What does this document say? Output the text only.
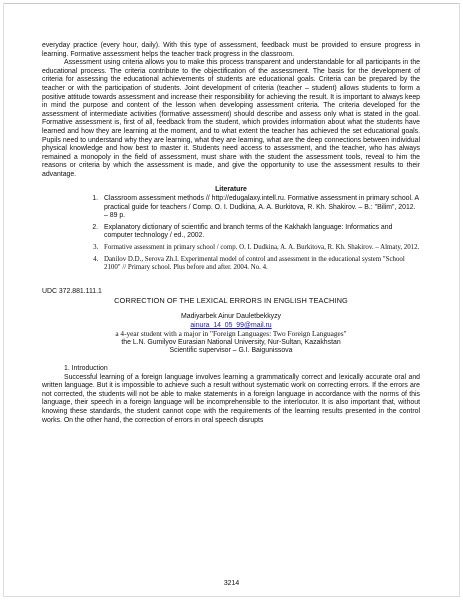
everyday practice (every hour, daily). With this type of assessment, feedback must be provided to ensure progress in learning. Formative assessment helps the teacher track progress in the classroom.

Assessment using criteria allows you to make this process transparent and understandable for all participants in the educational process. The criteria contribute to the objectification of the assessment. The basis for the development of criteria for assessing the educational achievements of students are educational goals. Criteria can be prepared by the teacher or with the participation of students. Joint development of criteria (teacher – student) allows students to form a positive attitude towards assessment and increase their responsibility for achieving the result. It is important to always keep in mind the purpose and content of the lesson when developing assessment criteria. The criteria developed for the assessment of intermediate activities (formative assessment) should describe and assess only what is stated in the goal. Formative assessment is, first of all, feedback from the student, which provides information about what the students have learned and how they are learning at the moment, and to what extent the teacher has achieved the set educational goals. Pupils need to understand why they are learning, what they are learning, what are the deep connections between individual physical knowledge and how best to master it. Students need access to assessment, and the teacher, who has always remained a monopoly in the field of assessment, must share with the student the assessment tools, reveal to him the reasons or criteria by which the assessment is made, and give the opportunity to use the assessment results to their advantage.

Literature
1. Classroom assessment methods // http://edugalaxy.intell.ru. Formative assessment in primary school. A practical guide for teachers / Comp. O. I. Dudkina, A. A. Burkitova, R. Kh. Shakirov. – B.: "Bilim", 2012. – 89 p.
2. Explanatory dictionary of scientific and branch terms of the Kakhakh language: Informatics and computer technology / ed., 2002.
3. Formative assessment in primary school / comp. O. I. Dudkina, A. A. Burkitova, R. Kh. Shakirov. – Almaty, 2012.
4. Danilov D.D., Serova Zh.I. Experimental model of control and assessment in the educational system "School 2100" // Primary school. Plus before and after. 2004. No. 4.
UDC 372.881.111.1
CORRECTION OF THE LEXICAL ERRORS IN ENGLISH TEACHING
Madiyarbek Ainur Dauletbekkyzy
ainura_14_05_99@mail.ru
a 4-year student with a major in "Foreign Languages: Two Foreign Languages"
the L.N. Gumilyov Eurasian National University, Nur-Sultan, Kazakhstan
Scientific supervisor – G.I. Baigunissova
1. Introduction

Successful learning of a foreign language involves learning a grammatically correct and lexically accurate oral and written language. But it is impossible to achieve such a result without systematic work on correcting errors. If the errors are not corrected, the students will not be able to make statements in a foreign language in accordance with the norms of this language, their speech in a foreign language will be incomprehensible to the interlocutor. It is also important that, without knowing these standards, the student cannot cope with the requirements of the learning results presented in the control works. On the other hand, the correction of errors in oral speech disrupts

3214
